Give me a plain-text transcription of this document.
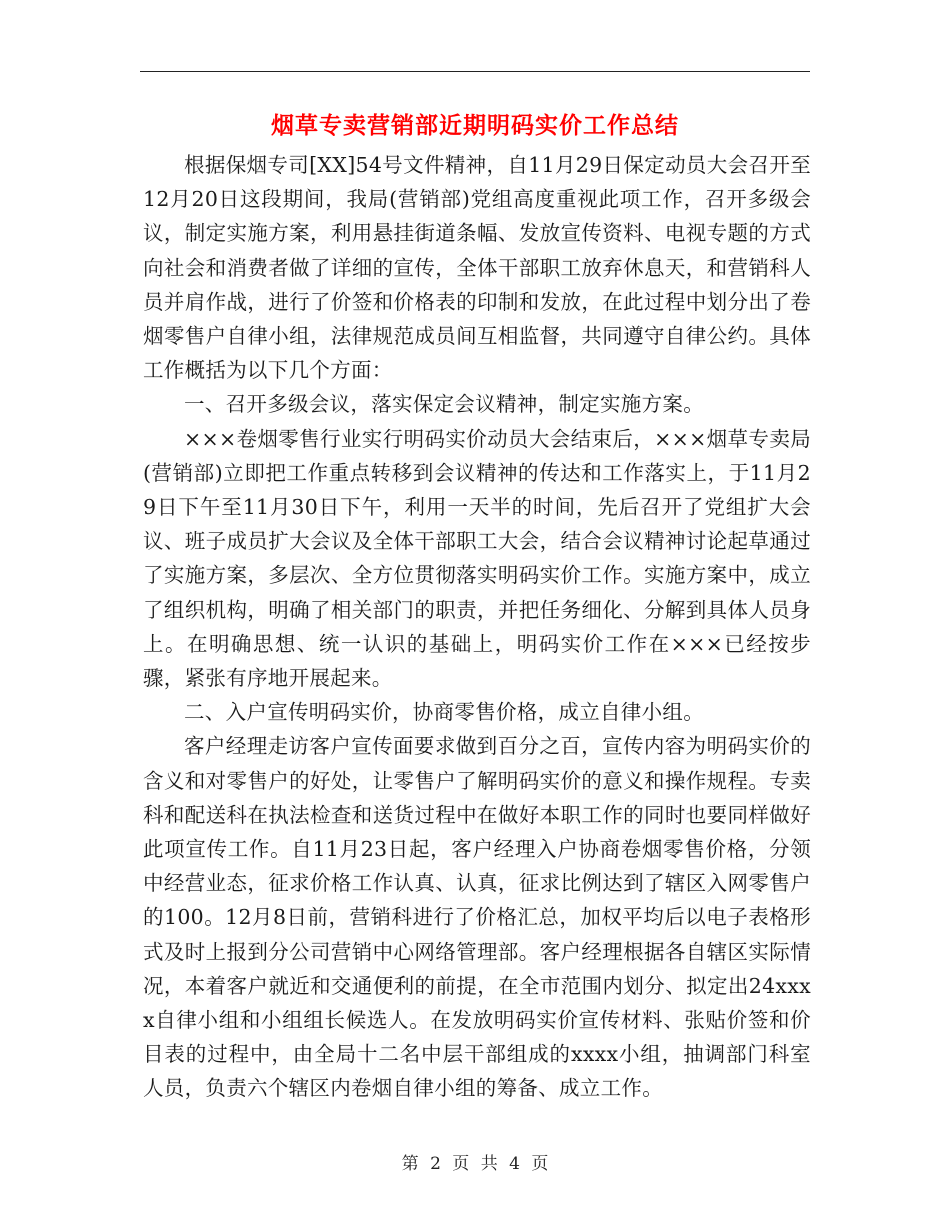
烟草专卖营销部近期明码实价工作总结

根据保烟专司[XX]54号文件精神，自11月29日保定动员大会召开至12月20日这段期间，我局(营销部)党组高度重视此项工作，召开多级会议，制定实施方案，利用悬挂街道条幅、发放宣传资料、电视专题的方式向社会和消费者做了详细的宣传，全体干部职工放弃休息天，和营销科人员并肩作战，进行了价签和价格表的印制和发放，在此过程中划分出了卷烟零售户自律小组，法律规范成员间互相监督，共同遵守自律公约。具体工作概括为以下几个方面：

一、召开多级会议，落实保定会议精神，制定实施方案。

×××卷烟零售行业实行明码实价动员大会结束后，×××烟草专卖局(营销部)立即把工作重点转移到会议精神的传达和工作落实上，于11月29日下午至11月30日下午，利用一天半的时间，先后召开了党组扩大会议、班子成员扩大会议及全体干部职工大会，结合会议精神讨论起草通过了实施方案，多层次、全方位贯彻落实明码实价工作。实施方案中，成立了组织机构，明确了相关部门的职责，并把任务细化、分解到具体人员身上。在明确思想、统一认识的基础上，明码实价工作在×××已经按步骤，紧张有序地开展起来。

二、入户宣传明码实价，协商零售价格，成立自律小组。

客户经理走访客户宣传面要求做到百分之百，宣传内容为明码实价的含义和对零售户的好处，让零售户了解明码实价的意义和操作规程。专卖科和配送科在执法检查和送货过程中在做好本职工作的同时也要同样做好此项宣传工作。自11月23日起，客户经理入户协商卷烟零售价格，分领中经营业态，征求价格工作认真、认真，征求比例达到了辖区入网零售户的100。12月8日前，营销科进行了价格汇总，加权平均后以电子表格形式及时上报到分公司营销中心网络管理部。客户经理根据各自辖区实际情况，本着客户就近和交通便利的前提，在全市范围内划分、拟定出24xxxx自律小组和小组组长候选人。在发放明码实价宣传材料、张贴价签和价目表的过程中，由全局十二名中层干部组成的xxxx小组，抽调部门科室人员，负责六个辖区内卷烟自律小组的筹备、成立工作。

第 2 页 共 4 页
